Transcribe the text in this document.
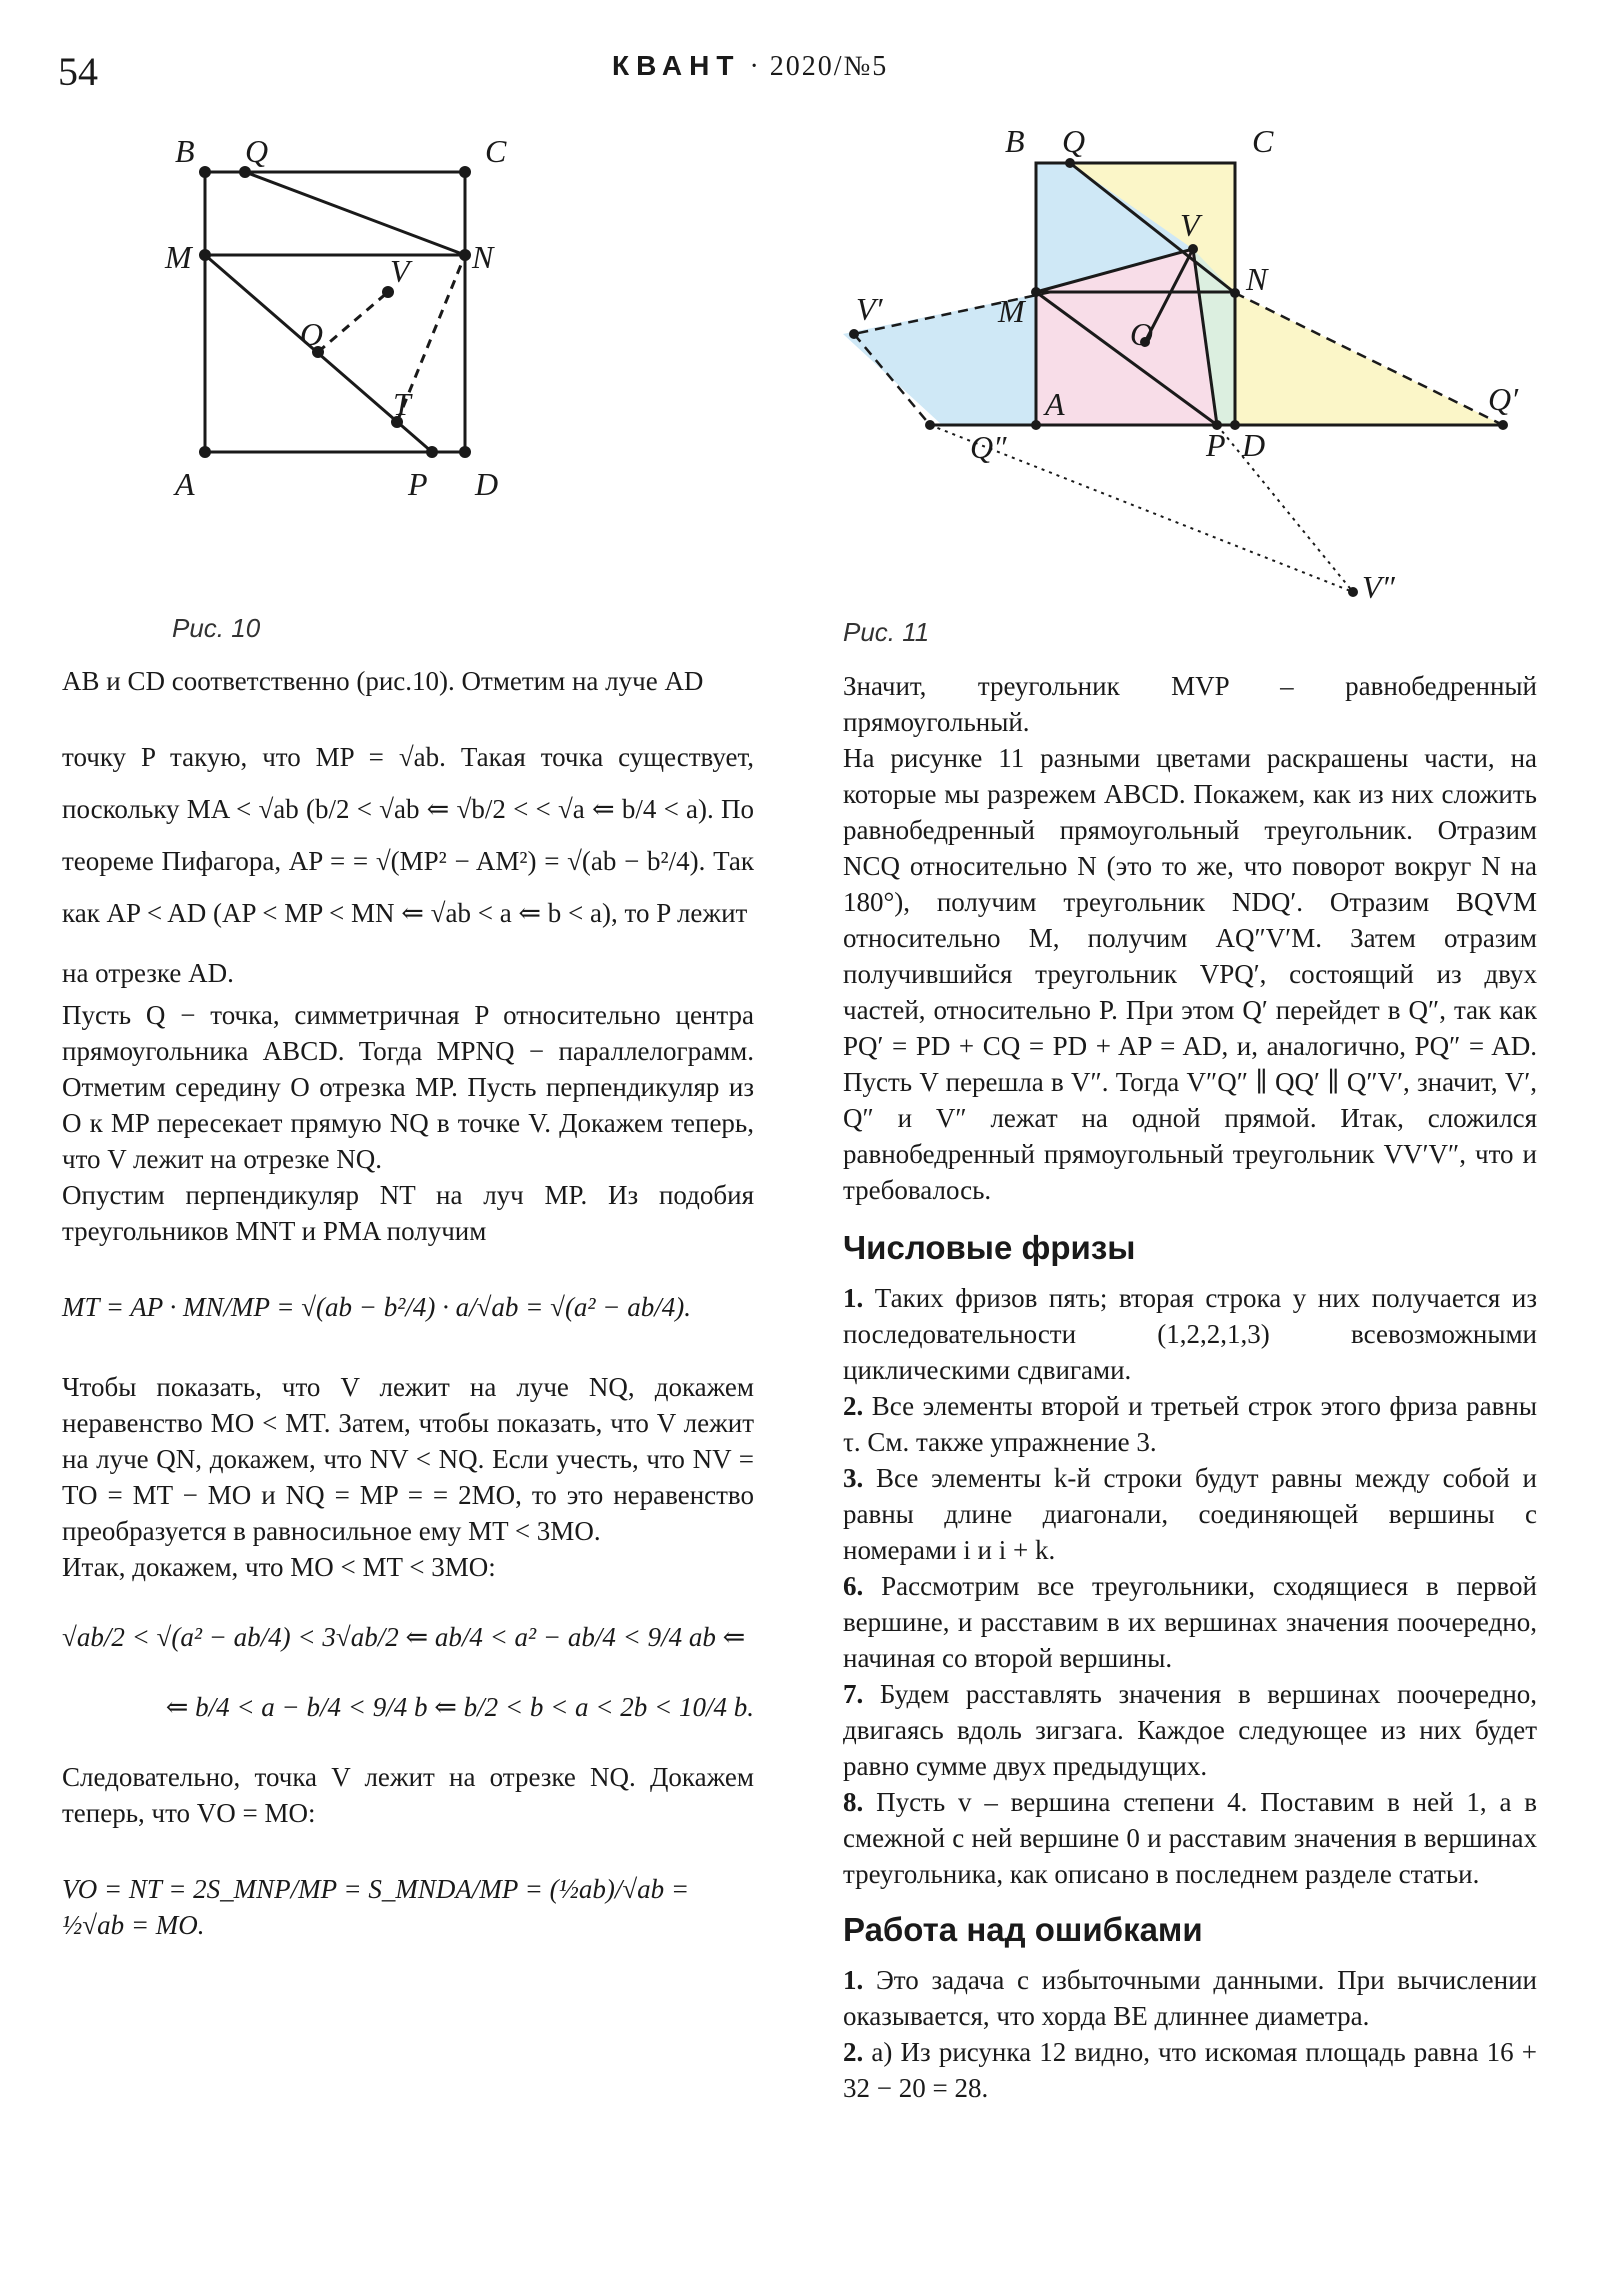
54	КВАНТ · 2020/№5
B Q	C
V
M	N
O
T
A	P D
Рис. 10
B Q	C
V
N
V′	M
O
A	Q′
Q″	P D
V″
Рис. 11

AB и CD соответственно (рис.10). Отметим на луче AD

точку P такую, что MP = √ab. Такая точка существует, поскольку MA < √ab (b/2 < √ab ⇐ √b/2 < < √a ⇐ b/4 < a). По теореме Пифагора, AP = = √(MP² − AM²) = √(ab − b²/4). Так как AP < AD (AP < MP < MN ⇐ √ab < a ⇐ b < a), то P лежит

на отрезке AD.

Пусть Q − точка, симметричная P относительно центра прямоугольника ABCD. Тогда MPNQ − параллелограмм. Отметим середину O отрезка MP. Пусть перпендикуляр из O к MP пересекает прямую NQ в точке V. Докажем теперь, что V лежит на отрезке NQ.

Опустим перпендикуляр NT на луч MP. Из подобия треугольников MNT и PMA получим

MT = AP · MN/MP = √(ab − b²/4) · a/√ab = √(a² − ab/4).

Чтобы показать, что V лежит на луче NQ, докажем неравенство MO < MT. Затем, чтобы показать, что V лежит на луче QN, докажем, что NV < NQ. Если учесть, что NV = TO = MT − MO и NQ = MP = = 2MO, то это неравенство преобразуется в равносильное ему MT < 3MO.

Итак, докажем, что MO < MT < 3MO:

√ab/2 < √(a² − ab/4) < 3√ab/2 ⇐ ab/4 < a² − ab/4 < 9/4 ab ⇐

⇐ b/4 < a − b/4 < 9/4 b ⇐ b/2 < b < a < 2b < 10/4 b.

Следовательно, точка V лежит на отрезке NQ. Докажем теперь, что VO = MO:

VO = NT = 2S_MNP/MP = S_MNDA/MP = (½ab)/√ab = ½√ab = MO.

Значит, треугольник MVP – равнобедренный прямоугольный.

На рисунке 11 разными цветами раскрашены части, на которые мы разрежем ABCD. Покажем, как из них сложить равнобедренный прямоугольный треугольник. Отразим NCQ относительно N (это то же, что поворот вокруг N на 180°), получим треугольник NDQ′. Отразим BQVM относительно M, получим AQ″V′M. Затем отразим получившийся треугольник VPQ′, состоящий из двух частей, относительно P. При этом Q′ перейдет в Q″, так как PQ′ = PD + CQ = PD + AP = AD, и, аналогично, PQ″ = AD. Пусть V перешла в V″. Тогда V″Q″ ∥ QQ′ ∥ Q″V′, значит, V′, Q″ и V″ лежат на одной прямой. Итак, сложился равнобедренный прямоугольный треугольник VV′V″, что и требовалось.

Числовые фризы

1. Таких фризов пять; вторая строка у них получается из последовательности (1,2,2,1,3) всевозможными циклическими сдвигами.

2. Все элементы второй и третьей строк этого фриза равны τ. См. также упражнение 3.

3. Все элементы k-й строки будут равны между собой и равны длине диагонали, соединяющей вершины с номерами i и i + k.

6. Рассмотрим все треугольники, сходящиеся в первой вершине, и расставим в их вершинах значения поочередно, начиная со второй вершины.

7. Будем расставлять значения в вершинах поочередно, двигаясь вдоль зигзага. Каждое следующее из них будет равно сумме двух предыдущих.

8. Пусть v – вершина степени 4. Поставим в ней 1, а в смежной с ней вершине 0 и расставим значения в вершинах треугольника, как описано в последнем разделе статьи.

Работа над ошибками

1. Это задача с избыточными данными. При вычислении оказывается, что хорда BE длиннее диаметра.

2. а) Из рисунка 12 видно, что искомая площадь равна 16 + 32 − 20 = 28.
